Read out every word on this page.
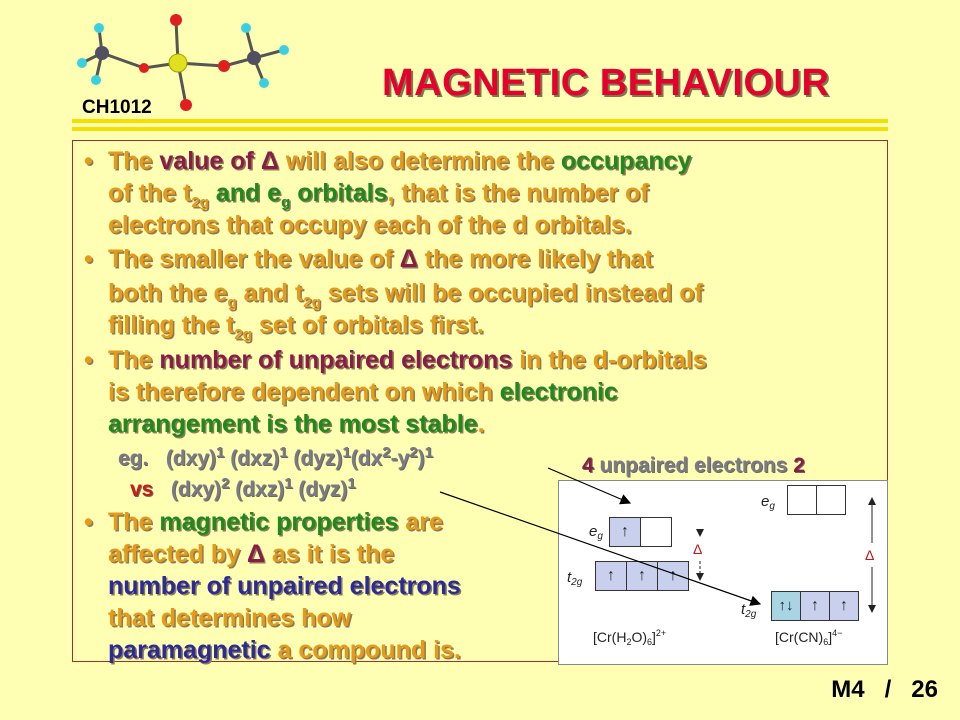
CH1012
MAGNETIC BEHAVIOUR
• The value of Δ will also determine the occupancy
of the $t_{2g}$ and $e_g$ orbitals, that is the number of
electrons that occupy each of the d orbitals.
• The smaller the value of Δ the more likely that
both the $e_g$ and $t_{2g}$ sets will be occupied instead of
filling the $t_{2g}$ set of orbitals first.
• The number of unpaired electrons in the d-orbitals
is therefore dependent on which electronic
arrangement is the most stable.
eg. (dxy)$^1$ (dxz)$^1$ $(dyz)^1(dx^2-y^2)^1$
vs (dxy)$^2$ (dxz)$^1$ (dyz)$^1$
4 unpaired electrons 2
• The magnetic properties are
affected by Δ as it is the
number of unpaired electrons
that determines how
paramagnetic a compound is.
$e_g$	↑
$t_{2g}$	↑	↑	↑
Δ
$e_g$
$t_{2g}$
↑↓	↑	↑
Δ
$[Cr(H_2O)_6]^{2+}$	$[Cr(CN)_6]^{4-}$
M4 / 26
